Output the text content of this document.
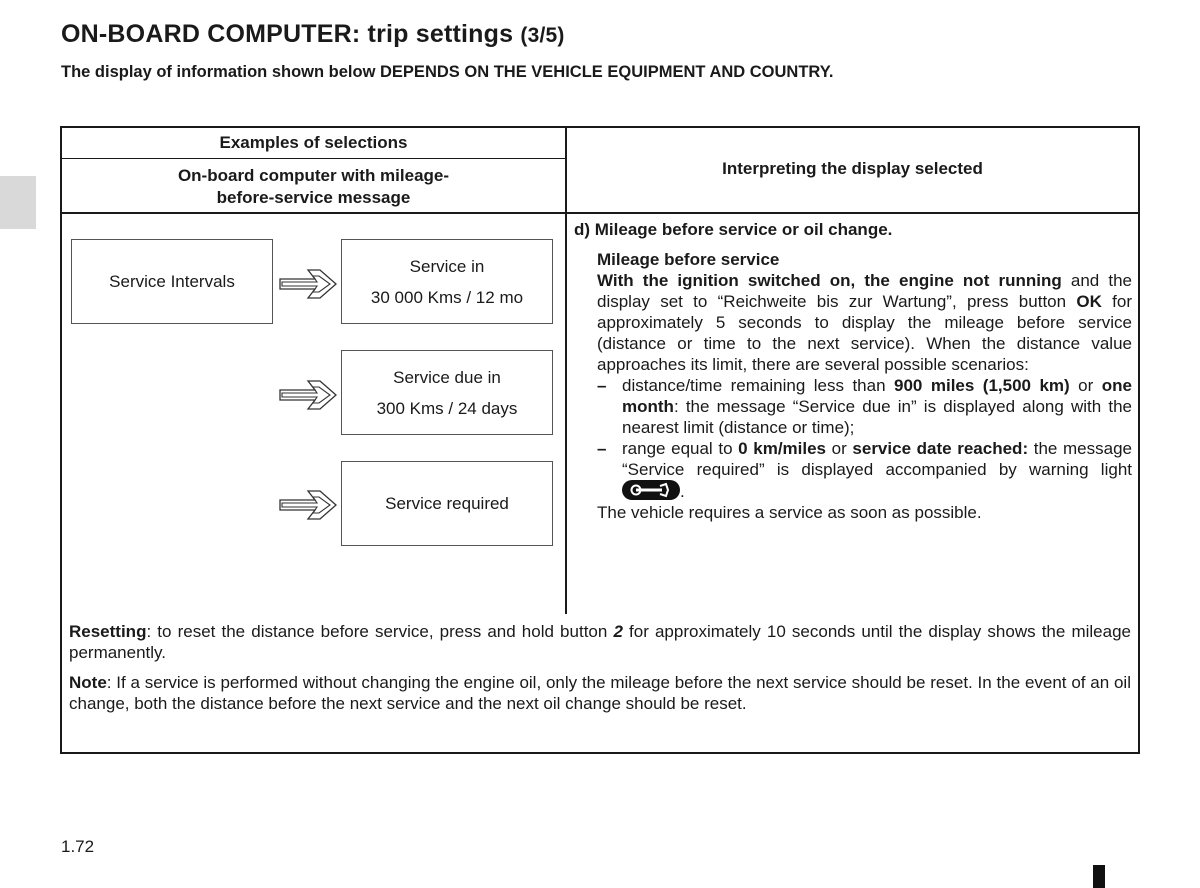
ON-BOARD COMPUTER: trip settings (3/5)
The display of information shown below DEPENDS ON THE VEHICLE EQUIPMENT AND COUNTRY.
Examples of selections
On-board computer with mileage-
before-service message
Interpreting the display selected
Service Intervals
Service in
30 000 Kms / 12 mo
Service due in
300 Kms / 24 days
Service required

d) Mileage before service or oil change.

Mileage before service

With the ignition switched on, the engine not running and the display set to “Reichweite bis zur Wartung”, press button OK for approximately 5 seconds to display the mileage before service (distance or time to the next service). When the distance value approaches its limit, there are several possible scenarios:

– distance/time remaining less than 900 miles (1,500 km) or one month: the message “Service due in” is displayed along with the nearest limit (distance or time);
– range equal to 0 km/miles or service date reached: the message “Service required” is displayed accompanied by warning light
.

The vehicle requires a service as soon as possible.

Resetting: to reset the distance before service, press and hold button 2 for approximately 10 seconds until the display shows the mileage permanently.

Note: If a service is performed without changing the engine oil, only the mileage before the next service should be reset. In the event of an oil change, both the distance before the next service and the next oil change should be reset.

1.72
